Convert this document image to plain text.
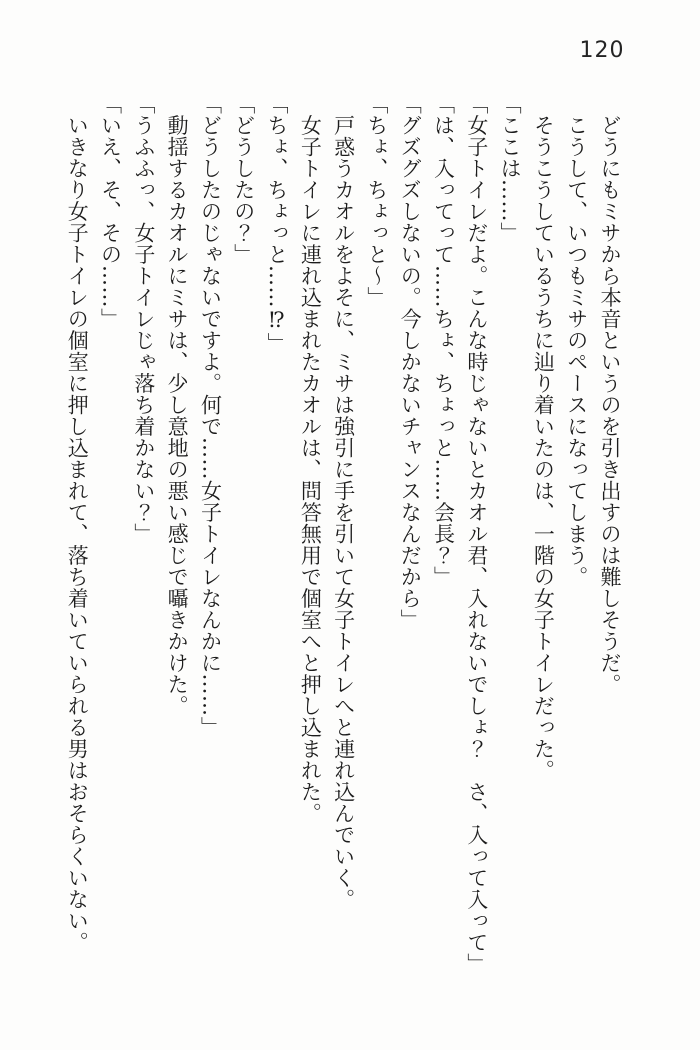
120

　どうにもミサから本音というのを引き出すのは難しそうだ。

　こうして、いつもミサのペースになってしまう。

　そうこうしているうちに辿り着いたのは、一階の女子トイレだった。

「ここは……」

「女子トイレだよ。こんな時じゃないとカオル君、入れないでしょ？　さ、入って入って」

「は、入ってって……ちょ、ちょっと……会長？」

「グズグズしないの。今しかないチャンスなんだから」

「ちょ、ちょっと〜」

　戸惑うカオルをよそに、ミサは強引に手を引いて女子トイレへと連れ込んでいく。

　女子トイレに連れ込まれたカオルは、問答無用で個室へと押し込まれた。

「ちょ、ちょっと……⁉」

「どうしたの？」

「どうしたのじゃないですよ。何で……女子トイレなんかに……」

　動揺するカオルにミサは、少し意地の悪い感じで囁きかけた。

「うふふっ、女子トイレじゃ落ち着かない？」

「いえ、そ、その……」

　いきなり女子トイレの個室に押し込まれて、落ち着いていられる男はおそらくいない。
